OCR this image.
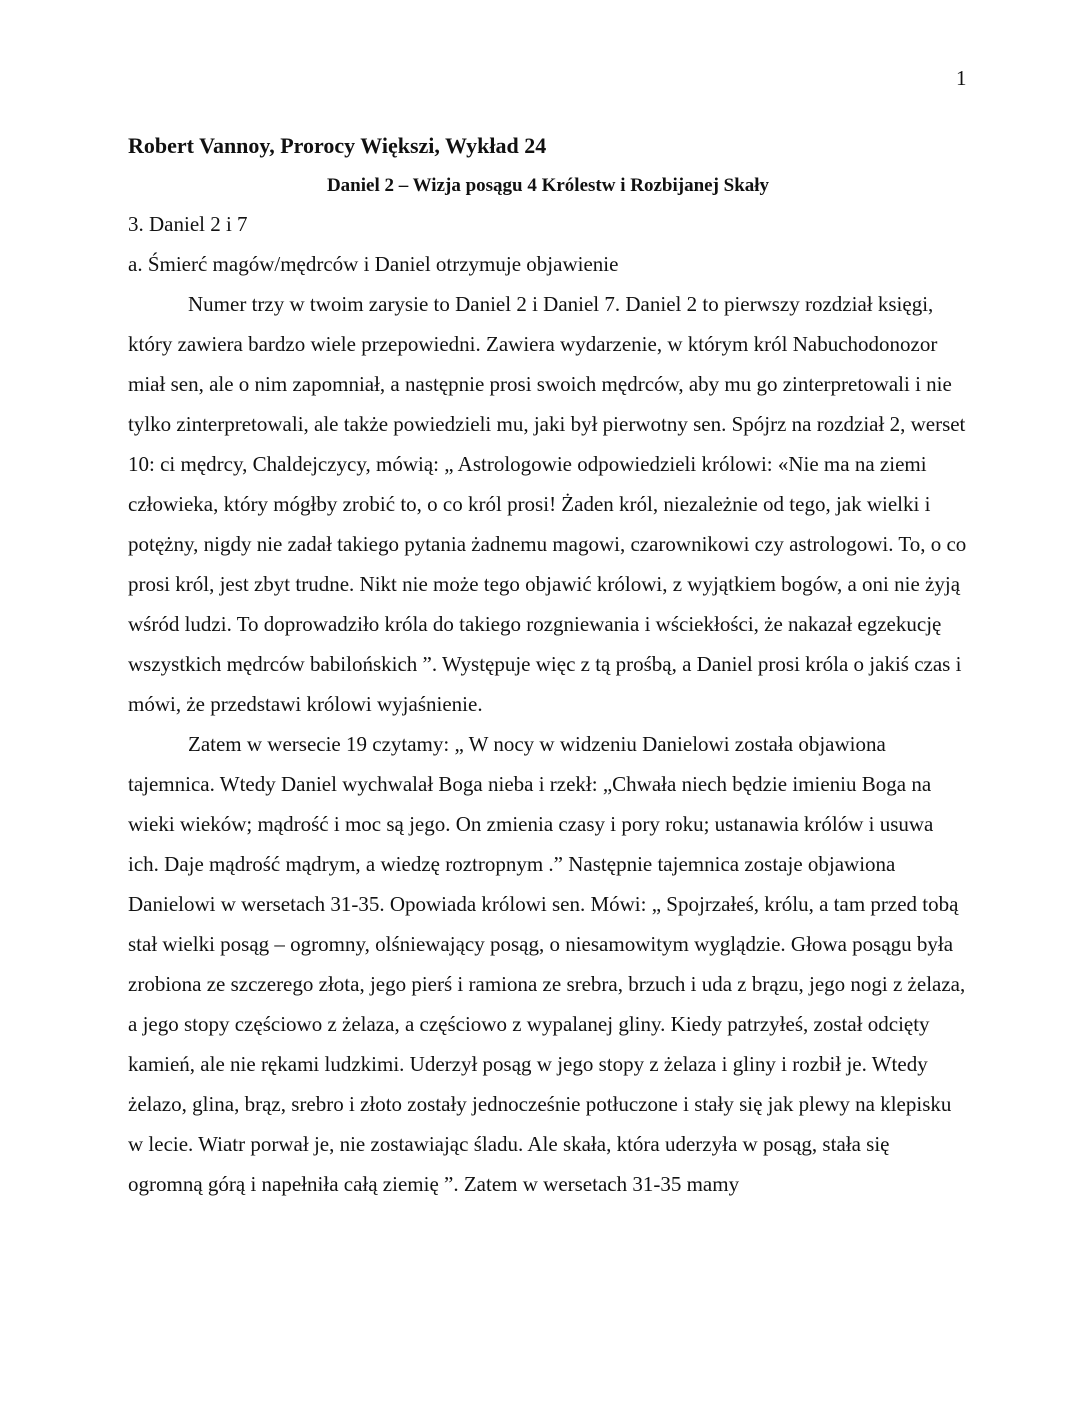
1
Robert Vannoy, Prorocy Większi, Wykład 24
Daniel 2 – Wizja posągu 4 Królestw i Rozbijanej Skały

3. Daniel 2 i 7

a. Śmierć magów/mędrców i Daniel otrzymuje objawienie

Numer trzy w twoim zarysie to Daniel 2 i Daniel 7. Daniel 2 to pierwszy rozdział księgi, który zawiera bardzo wiele przepowiedni. Zawiera wydarzenie, w którym król Nabuchodonozor miał sen, ale o nim zapomniał, a następnie prosi swoich mędrców, aby mu go zinterpretowali i nie tylko zinterpretowali, ale także powiedzieli mu, jaki był pierwotny sen. Spójrz na rozdział 2, werset 10: ci mędrcy, Chaldejczycy, mówią: „ Astrologowie odpowiedzieli królowi: «Nie ma na ziemi człowieka, który mógłby zrobić to, o co król prosi! Żaden król, niezależnie od tego, jak wielki i potężny, nigdy nie zadał takiego pytania żadnemu magowi, czarownikowi czy astrologowi. To, o co prosi król, jest zbyt trudne. Nikt nie może tego objawić królowi, z wyjątkiem bogów, a oni nie żyją wśród ludzi. To doprowadziło króla do takiego rozgniewania i wściekłości, że nakazał egzekucję wszystkich mędrców babilońskich ”. Występuje więc z tą prośbą, a Daniel prosi króla o jakiś czas i mówi, że przedstawi królowi wyjaśnienie.

Zatem w wersecie 19 czytamy: „ W nocy w widzeniu Danielowi została objawiona tajemnica. Wtedy Daniel wychwalał Boga nieba i rzekł: „Chwała niech będzie imieniu Boga na wieki wieków; mądrość i moc są jego. On zmienia czasy i pory roku; ustanawia królów i usuwa ich. Daje mądrość mądrym, a wiedzę roztropnym .” Następnie tajemnica zostaje objawiona Danielowi w wersetach 31-35. Opowiada królowi sen. Mówi: „ Spojrzałeś, królu, a tam przed tobą stał wielki posąg – ogromny, olśniewający posąg, o niesamowitym wyglądzie. Głowa posągu była zrobiona ze szczerego złota, jego pierś i ramiona ze srebra, brzuch i uda z brązu, jego nogi z żelaza, a jego stopy częściowo z żelaza, a częściowo z wypalanej gliny. Kiedy patrzyłeś, został odcięty kamień, ale nie rękami ludzkimi. Uderzył posąg w jego stopy z żelaza i gliny i rozbił je. Wtedy żelazo, glina, brąz, srebro i złoto zostały jednocześnie potłuczone i stały się jak plewy na klepisku w lecie. Wiatr porwał je, nie zostawiając śladu. Ale skała, która uderzyła w posąg, stała się ogromną górą i napełniła całą ziemię ”. Zatem w wersetach 31-35 mamy
